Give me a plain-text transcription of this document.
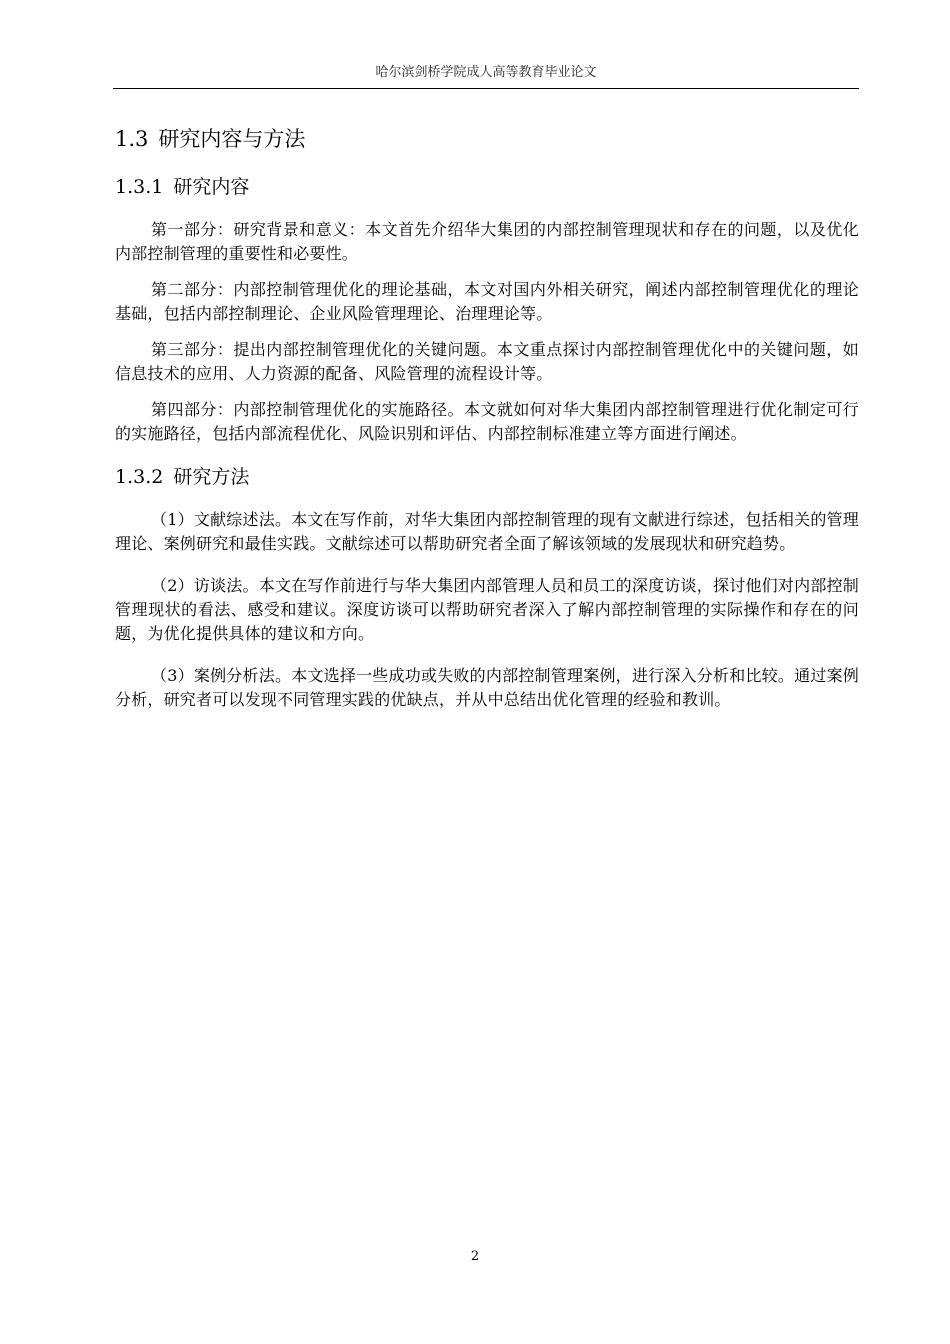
哈尔滨剑桥学院成人高等教育毕业论文
1.3 研究内容与方法
1.3.1 研究内容

第一部分：研究背景和意义：本文首先介绍华大集团的内部控制管理现状和存在的问题，以及优化内部控制管理的重要性和必要性。

第二部分：内部控制管理优化的理论基础，本文对国内外相关研究，阐述内部控制管理优化的理论基础，包括内部控制理论、企业风险管理理论、治理理论等。

第三部分：提出内部控制管理优化的关键问题。本文重点探讨内部控制管理优化中的关键问题，如信息技术的应用、人力资源的配备、风险管理的流程设计等。

第四部分：内部控制管理优化的实施路径。本文就如何对华大集团内部控制管理进行优化制定可行的实施路径，包括内部流程优化、风险识别和评估、内部控制标准建立等方面进行阐述。

1.3.2 研究方法

（1）文献综述法。本文在写作前，对华大集团内部控制管理的现有文献进行综述，包括相关的管理理论、案例研究和最佳实践。文献综述可以帮助研究者全面了解该领域的发展现状和研究趋势。

（2）访谈法。本文在写作前进行与华大集团内部管理人员和员工的深度访谈，探讨他们对内部控制管理现状的看法、感受和建议。深度访谈可以帮助研究者深入了解内部控制管理的实际操作和存在的问题，为优化提供具体的建议和方向。

（3）案例分析法。本文选择一些成功或失败的内部控制管理案例，进行深入分析和比较。通过案例分析，研究者可以发现不同管理实践的优缺点，并从中总结出优化管理的经验和教训。

2
